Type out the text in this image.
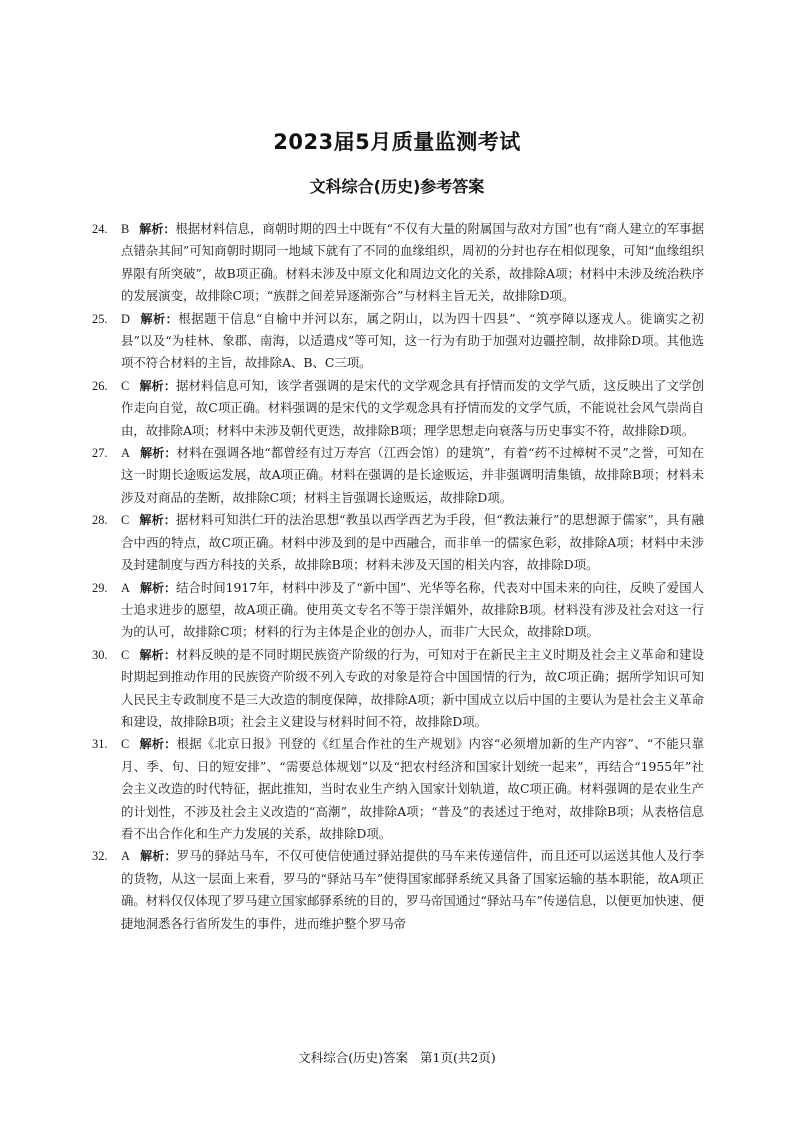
2023届5月质量监测考试
文科综合(历史)参考答案

24. B 解析：根据材料信息，商朝时期的四土中既有“不仅有大量的附属国与敌对方国”也有“商人建立的军事据点错杂其间”可知商朝时期同一地域下就有了不同的血缘组织，周初的分封也存在相似现象，可知“血缘组织界限有所突破”，故B项正确。材料未涉及中原文化和周边文化的关系，故排除A项；材料中未涉及统治秩序的发展演变，故排除C项；“族群之间差异逐渐弥合”与材料主旨无关，故排除D项。

25. D 解析：根据题干信息“自榆中并河以东，属之阴山，以为四十四县”、“筑亭障以逐戎人。徙谪实之初县”以及“为桂林、象郡、南海，以适遣戍”等可知，这一行为有助于加强对边疆控制，故排除D项。其他选项不符合材料的主旨，故排除A、B、C三项。

26. C 解析：据材料信息可知，该学者强调的是宋代的文学观念具有抒情而发的文学气质，这反映出了文学创作走向自觉，故C项正确。材料强调的是宋代的文学观念具有抒情而发的文学气质，不能说社会风气崇尚自由，故排除A项；材料中未涉及朝代更迭，故排除B项；理学思想走向衰落与历史事实不符，故排除D项。

27. A 解析：材料在强调各地“都曾经有过万寿宫（江西会馆）的建筑”，有着“药不过樟树不灵”之誉，可知在这一时期长途贩运发展，故A项正确。材料在强调的是长途贩运，并非强调明清集镇，故排除B项；材料未涉及对商品的垄断，故排除C项；材料主旨强调长途贩运，故排除D项。

28. C 解析：据材料可知洪仁玕的法治思想“教虽以西学西艺为手段，但“教法兼行”的思想源于儒家”，具有融合中西的特点，故C项正确。材料中涉及到的是中西融合，而非单一的儒家色彩，故排除A项；材料中未涉及封建制度与西方科技的关系，故排除B项；材料未涉及天国的相关内容，故排除D项。

29. A 解析：结合时间1917年，材料中涉及了“新中国”、光华等名称，代表对中国未来的向往，反映了爱国人士追求进步的愿望，故A项正确。使用英文专名不等于崇洋媚外，故排除B项。材料没有涉及社会对这一行为的认可，故排除C项；材料的行为主体是企业的创办人，而非广大民众，故排除D项。

30. C 解析：材料反映的是不同时期民族资产阶级的行为，可知对于在新民主主义时期及社会主义革命和建设时期起到推动作用的民族资产阶级不列入专政的对象是符合中国国情的行为，故C项正确；据所学知识可知人民民主专政制度不是三大改造的制度保障，故排除A项；新中国成立以后中国的主要认为是社会主义革命和建设，故排除B项；社会主义建设与材料时间不符，故排除D项。

31. C 解析：根据《北京日报》刊登的《红星合作社的生产规划》内容“必须增加新的生产内容”、“不能只靠月、季、旬、日的短安排”、“需要总体规划”以及“把农村经济和国家计划统一起来”，再结合“1955年”社会主义改造的时代特征，据此推知，当时农业生产纳入国家计划轨道，故C项正确。材料强调的是农业生产的计划性，不涉及社会主义改造的“高潮”，故排除A项；“普及”的表述过于绝对，故排除B项；从表格信息看不出合作化和生产力发展的关系，故排除D项。

32. A 解析：罗马的驿站马车，不仅可使信使通过驿站提供的马车来传递信件，而且还可以运送其他人及行李的货物，从这一层面上来看，罗马的“驿站马车”使得国家邮驿系统又具备了国家运输的基本职能，故A项正确。材料仅仅体现了罗马建立国家邮驿系统的目的，罗马帝国通过“驿站马车”传递信息，以便更加快速、便捷地洞悉各行省所发生的事件，进而维护整个罗马帝

文科综合(历史)答案 第1页(共2页)
